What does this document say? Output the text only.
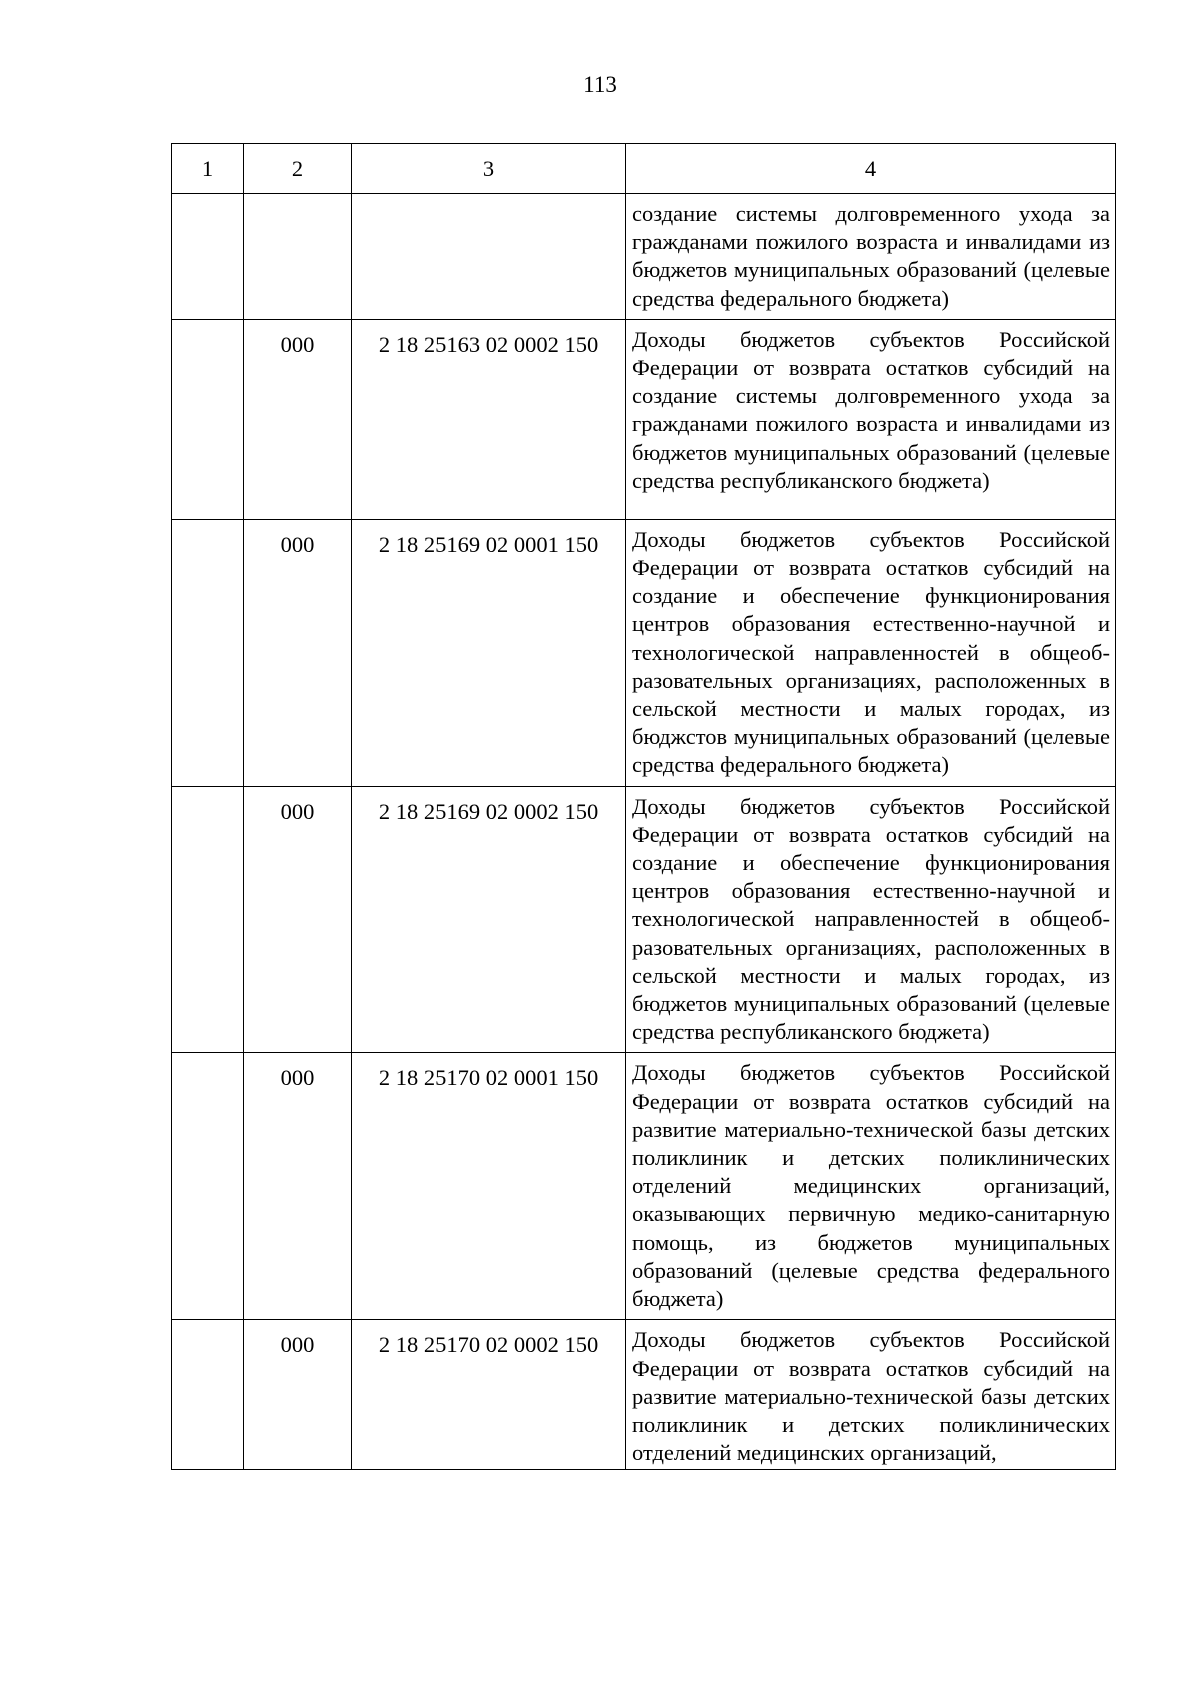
113
1	2	3	4
			создание системы долговременного ухода за гражданами пожилого возраста и инвалидами из бюджетов муниципальных образований (целевые средства федерального бюджета)
	000	2 18 25163 02 0002 150	Доходы бюджетов субъектов Российской Федерации от возврата остатков субсидий на создание системы долговременного ухода за гражданами пожилого возраста и инвалидами из бюджетов муниципальных образований (целевые средства республиканского бюджета)
	000	2 18 25169 02 0001 150	Доходы бюджетов субъектов Российской Федерации от возврата остатков субсидий на создание и обеспечение функционирования центров образования естественно-научной и технологической направленностей в общеобразовательных организациях, расположенных в сельской местности и малых городах, из бюджстов муниципальных образований (целевые средства федерального бюджета)
	000	2 18 25169 02 0002 150	Доходы бюджетов субъектов Российской Федерации от возврата остатков субсидий на создание и обеспечение функционирования центров образования естественно-научной и технологической направленностей в общеобразовательных организациях, расположенных в сельской местности и малых городах, из бюджетов муниципальных образований (целевые средства республиканского бюджета)
	000	2 18 25170 02 0001 150	Доходы бюджетов субъектов Российской Федерации от возврата остатков субсидий на развитие материально-технической базы детских поликлиник и детских поликлинических отделений медицинских организаций, оказывающих первичную медико-санитарную помощь, из бюджетов муниципальных образований (целевые средства федерального бюджета)
	000	2 18 25170 02 0002 150	Доходы бюджетов субъектов Российской Федерации от возврата остатков субсидий на развитие материально-технической базы детских поликлиник и детских поликлинических отделений медицинских организаций,
